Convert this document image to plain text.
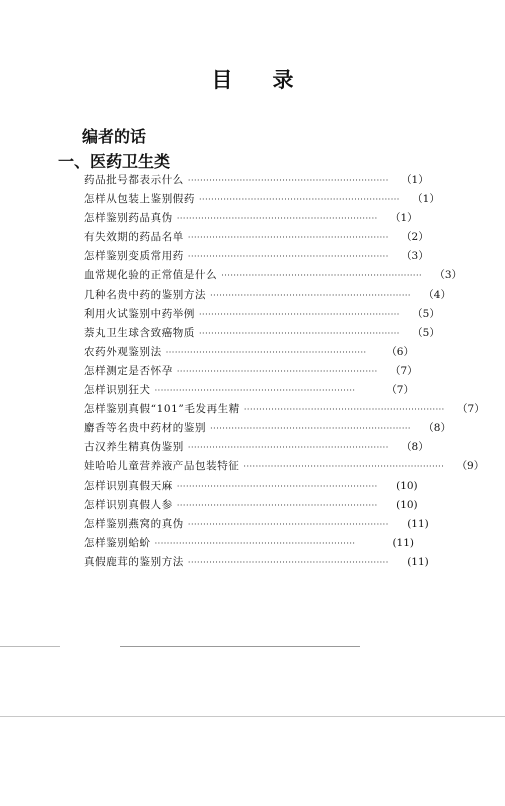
目 录
编者的话
一、医药卫生类
药品批号都表示什么 ··································································	（1）
怎样从包装上鉴别假药 ··································································	（1）
怎样鉴别药品真伪 ··································································	（1）
有失效期的药品名单 ··································································	（2）
怎样鉴别变质常用药 ··································································	（3）
血常规化验的正常值是什么 ··································································	（3）
几种名贵中药的鉴别方法 ··································································	（4）
利用火试鉴别中药举例 ··································································	（5）
萘丸卫生球含致癌物质 ··································································	（5）
农药外观鉴别法 ··································································	（6）
怎样测定是否怀孕 ··································································	（7）
怎样识别狂犬 ··································································	（7）
怎样鉴别真假“101”毛发再生精 ··································································	（7）
麝香等名贵中药材的鉴别 ··································································	（8）
古汉养生精真伪鉴别 ··································································	（8）
娃哈哈儿童营养液产品包装特征 ··································································	（9）
怎样识别真假天麻 ··································································	(10)
怎样识别真假人参 ··································································	(10)
怎样鉴别燕窝的真伪 ··································································	(11)
怎样鉴别蛤蚧 ··································································	(11)
真假鹿茸的鉴别方法 ··································································	(11)
